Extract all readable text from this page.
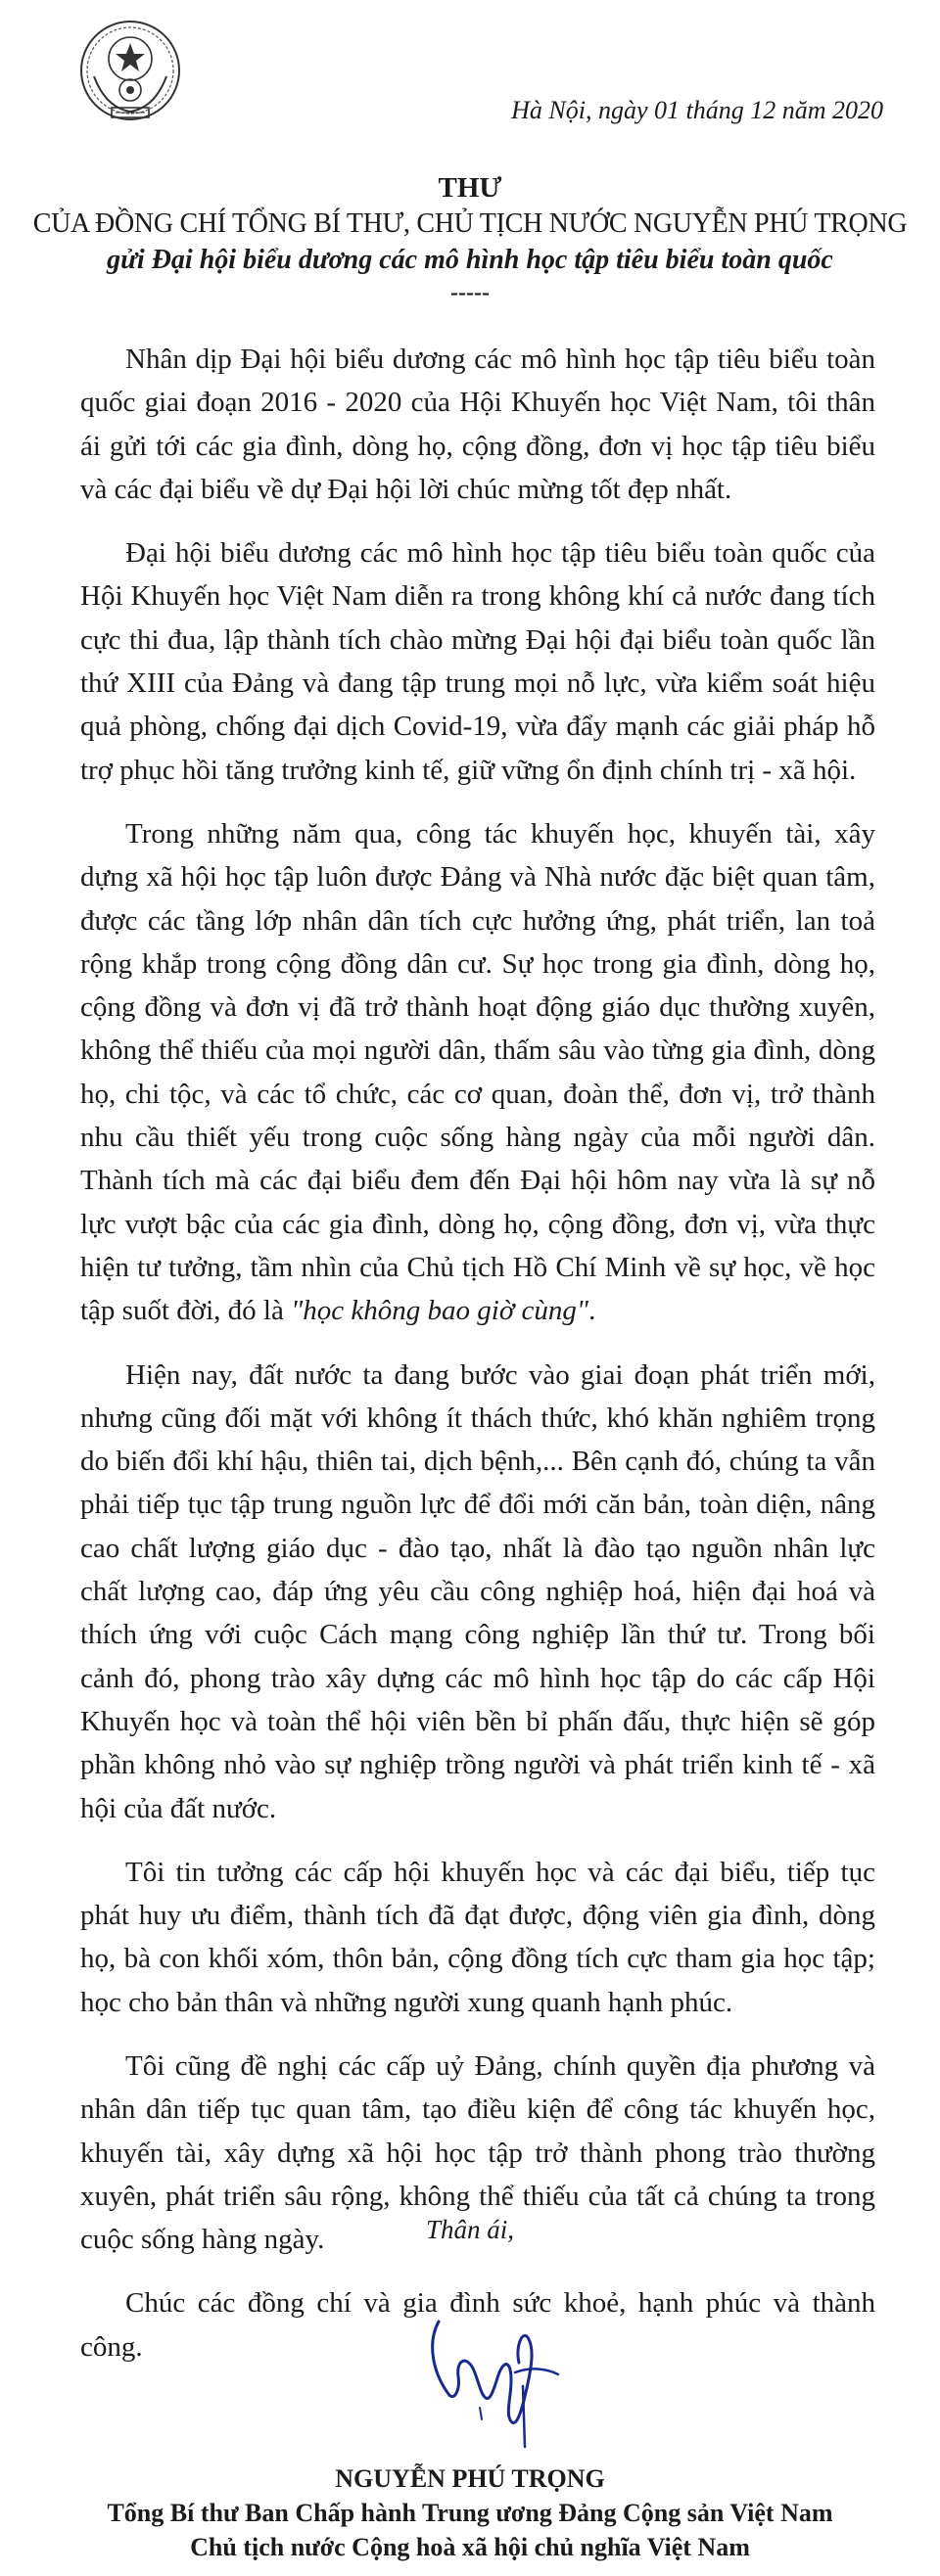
Hà Nội, ngày 01 tháng 12 năm 2020
THƯ
CỦA ĐỒNG CHÍ TỔNG BÍ THƯ, CHỦ TỊCH NƯỚC NGUYỄN PHÚ TRỌNG
gửi Đại hội biểu dương các mô hình học tập tiêu biểu toàn quốc
-----

Nhân dịp Đại hội biểu dương các mô hình học tập tiêu biểu toàn quốc giai đoạn 2016 - 2020 của Hội Khuyến học Việt Nam, tôi thân ái gửi tới các gia đình, dòng họ, cộng đồng, đơn vị học tập tiêu biểu và các đại biểu về dự Đại hội lời chúc mừng tốt đẹp nhất.

Đại hội biểu dương các mô hình học tập tiêu biểu toàn quốc của Hội Khuyến học Việt Nam diễn ra trong không khí cả nước đang tích cực thi đua, lập thành tích chào mừng Đại hội đại biểu toàn quốc lần thứ XIII của Đảng và đang tập trung mọi nỗ lực, vừa kiểm soát hiệu quả phòng, chống đại dịch Covid-19, vừa đẩy mạnh các giải pháp hỗ trợ phục hồi tăng trưởng kinh tế, giữ vững ổn định chính trị - xã hội.

Trong những năm qua, công tác khuyến học, khuyến tài, xây dựng xã hội học tập luôn được Đảng và Nhà nước đặc biệt quan tâm, được các tầng lớp nhân dân tích cực hưởng ứng, phát triển, lan toả rộng khắp trong cộng đồng dân cư. Sự học trong gia đình, dòng họ, cộng đồng và đơn vị đã trở thành hoạt động giáo dục thường xuyên, không thể thiếu của mọi người dân, thấm sâu vào từng gia đình, dòng họ, chi tộc, và các tổ chức, các cơ quan, đoàn thể, đơn vị, trở thành nhu cầu thiết yếu trong cuộc sống hàng ngày của mỗi người dân. Thành tích mà các đại biểu đem đến Đại hội hôm nay vừa là sự nỗ lực vượt bậc của các gia đình, dòng họ, cộng đồng, đơn vị, vừa thực hiện tư tưởng, tầm nhìn của Chủ tịch Hồ Chí Minh về sự học, về học tập suốt đời, đó là "học không bao giờ cùng".

Hiện nay, đất nước ta đang bước vào giai đoạn phát triển mới, nhưng cũng đối mặt với không ít thách thức, khó khăn nghiêm trọng do biến đổi khí hậu, thiên tai, dịch bệnh,... Bên cạnh đó, chúng ta vẫn phải tiếp tục tập trung nguồn lực để đổi mới căn bản, toàn diện, nâng cao chất lượng giáo dục - đào tạo, nhất là đào tạo nguồn nhân lực chất lượng cao, đáp ứng yêu cầu công nghiệp hoá, hiện đại hoá và thích ứng với cuộc Cách mạng công nghiệp lần thứ tư. Trong bối cảnh đó, phong trào xây dựng các mô hình học tập do các cấp Hội Khuyến học và toàn thể hội viên bền bỉ phấn đấu, thực hiện sẽ góp phần không nhỏ vào sự nghiệp trồng người và phát triển kinh tế - xã hội của đất nước.

Tôi tin tưởng các cấp hội khuyến học và các đại biểu, tiếp tục phát huy ưu điểm, thành tích đã đạt được, động viên gia đình, dòng họ, bà con khối xóm, thôn bản, cộng đồng tích cực tham gia học tập; học cho bản thân và những người xung quanh hạnh phúc.

Tôi cũng đề nghị các cấp uỷ Đảng, chính quyền địa phương và nhân dân tiếp tục quan tâm, tạo điều kiện để công tác khuyến học, khuyến tài, xây dựng xã hội học tập trở thành phong trào thường xuyên, phát triển sâu rộng, không thể thiếu của tất cả chúng ta trong cuộc sống hàng ngày.

Chúc các đồng chí và gia đình sức khoẻ, hạnh phúc và thành công.

Thân ái,
NGUYỄN PHÚ TRỌNG
Tổng Bí thư Ban Chấp hành Trung ương Đảng Cộng sản Việt Nam
Chủ tịch nước Cộng hoà xã hội chủ nghĩa Việt Nam
